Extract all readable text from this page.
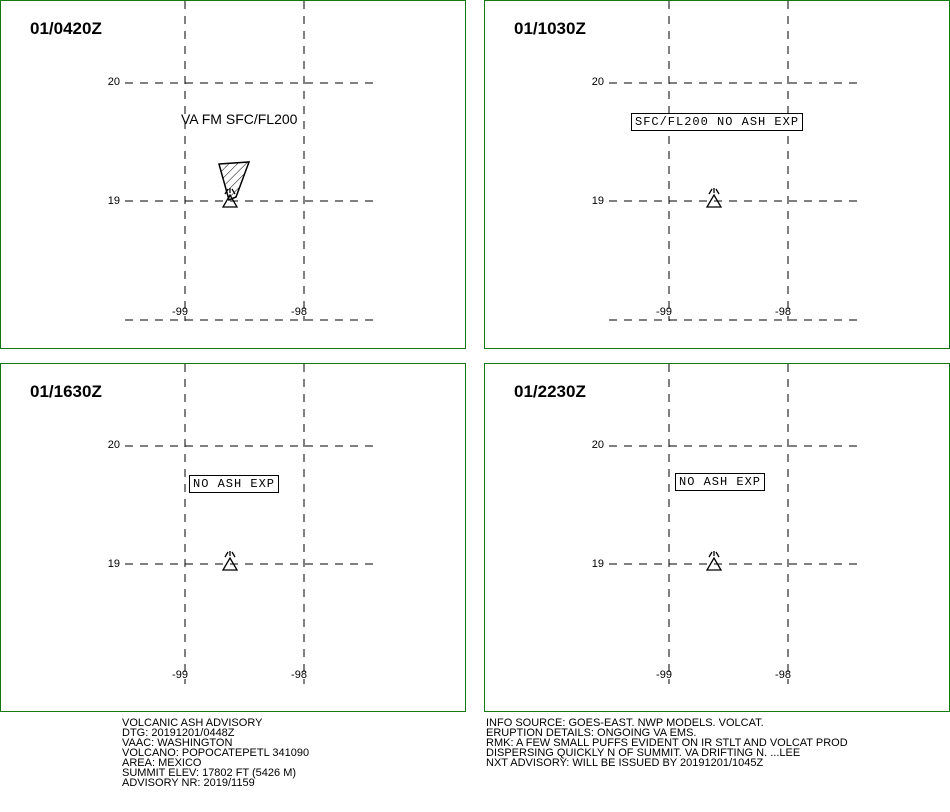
01/0420Z
20
19
-99	-98
VA FM SFC/FL200
01/1030Z
20
19
-99	-98
SFC/FL200 NO ASH EXP
01/1630Z
20
19
-99	-98
NO ASH EXP
01/2230Z
20
19
-99	-98
NO ASH EXP
VOLCANIC ASH ADVISORY
DTG: 20191201/0448Z
VAAC: WASHINGTON
VOLCANO: POPOCATEPETL 341090
AREA: MEXICO
SUMMIT ELEV: 17802 FT (5426 M)
ADVISORY NR: 2019/1159
INFO SOURCE: GOES-EAST. NWP MODELS. VOLCAT.
ERUPTION DETAILS: ONGOING VA EMS.
RMK: A FEW SMALL PUFFS EVIDENT ON IR STLT AND VOLCAT PROD
DISPERSING QUICKLY N OF SUMMIT. VA DRIFTING N. ...LEE
NXT ADVISORY: WILL BE ISSUED BY 20191201/1045Z
